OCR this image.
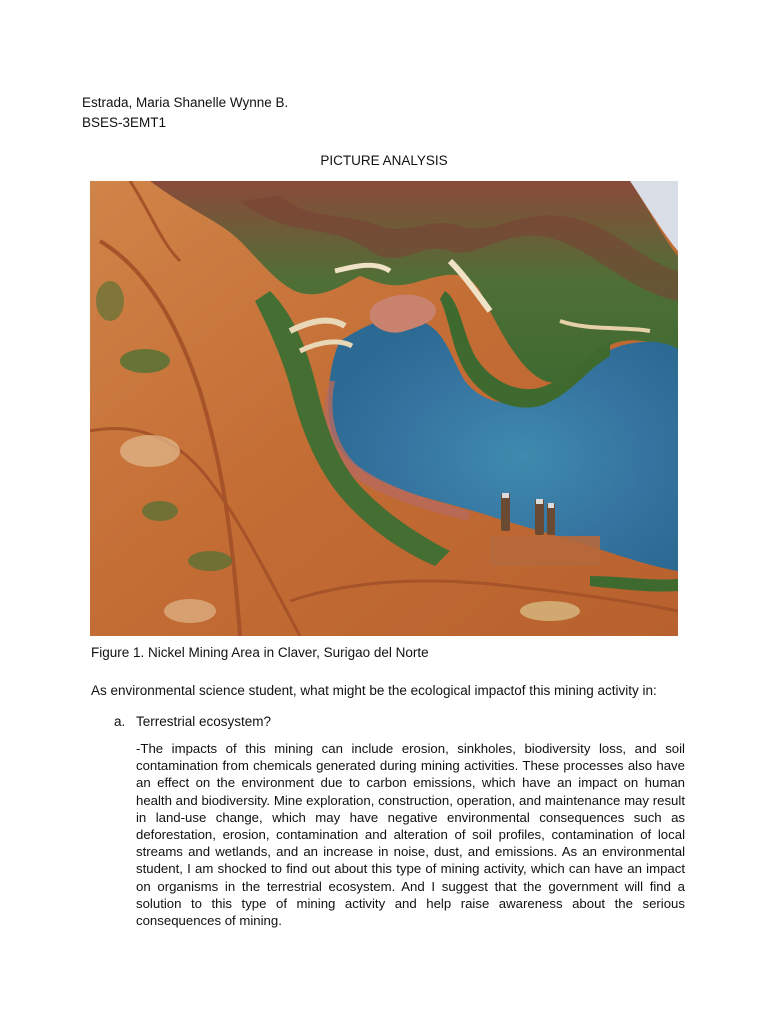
Estrada, Maria Shanelle Wynne B.
BSES-3EMT1
PICTURE ANALYSIS
Figure 1. Nickel Mining Area in Claver, Surigao del Norte
As environmental science student, what might be the ecological impactof this mining activity in:
a. Terrestrial ecosystem?
-The impacts of this mining can include erosion, sinkholes, biodiversity loss, and soil contamination from chemicals generated during mining activities. These processes also have an effect on the environment due to carbon emissions, which have an impact on human health and biodiversity. Mine exploration, construction, operation, and maintenance may result in land-use change, which may have negative environmental consequences such as deforestation, erosion, contamination and alteration of soil profiles, contamination of local streams and wetlands, and an increase in noise, dust, and emissions. As an environmental student, I am shocked to find out about this type of mining activity, which can have an impact on organisms in the terrestrial ecosystem. And I suggest that the government will find a solution to this type of mining activity and help raise awareness about the serious consequences of mining.
